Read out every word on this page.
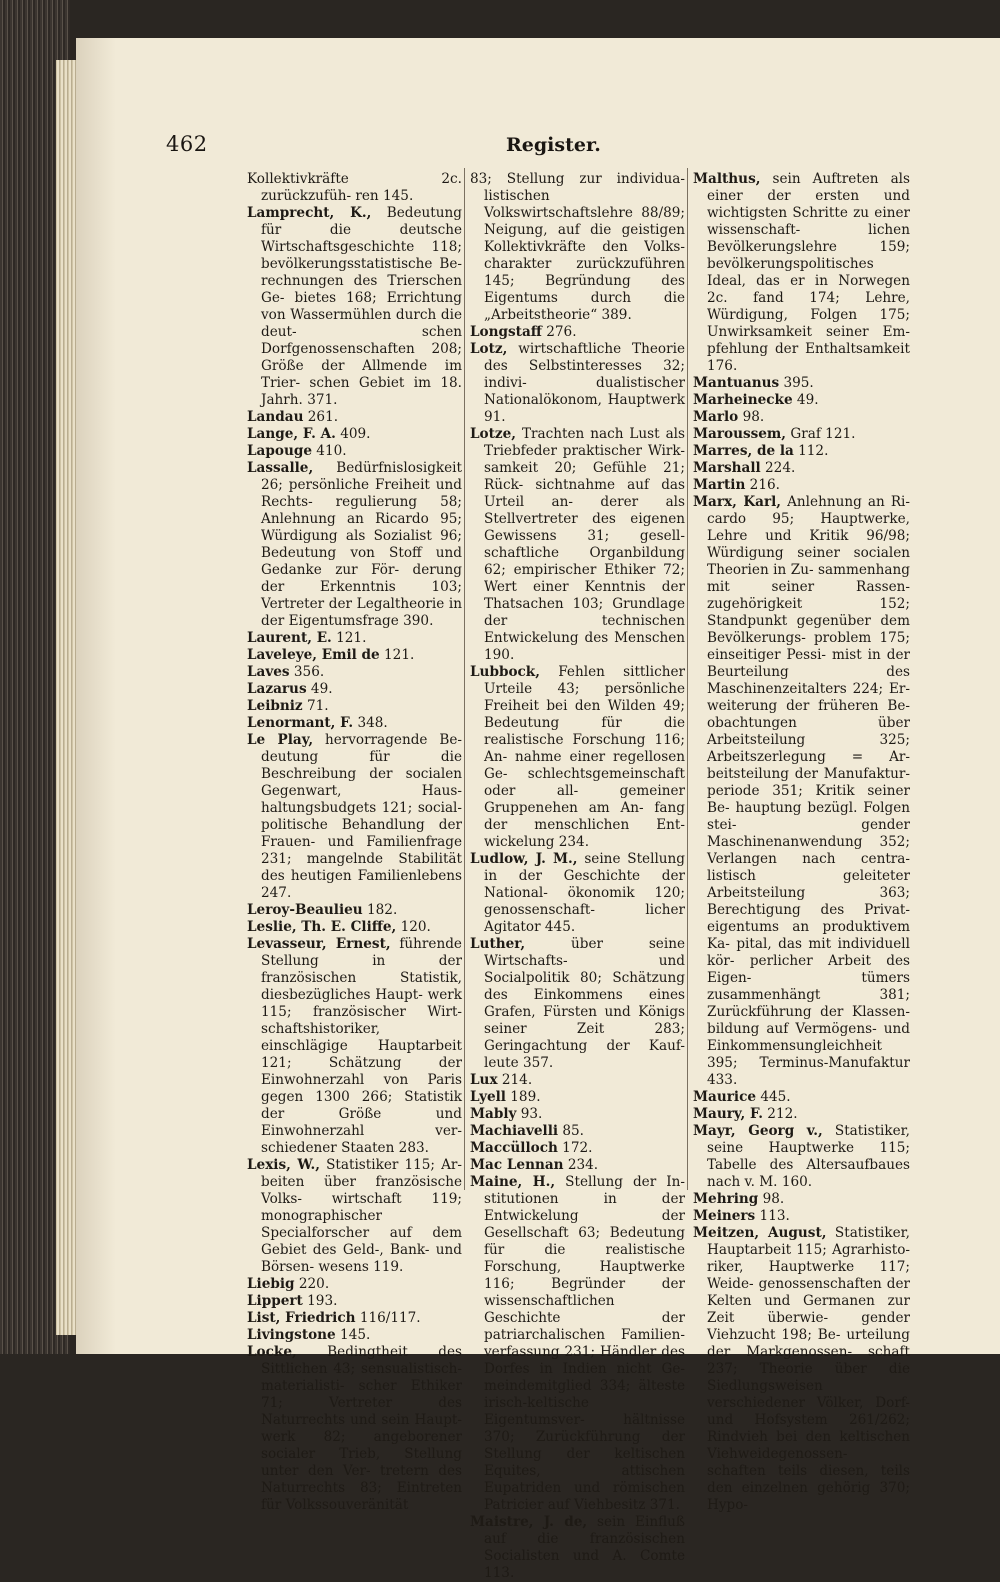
462	Register.

Kollektivkräfte 2c. zurückzufüh- ren 145.

Lamprecht, K., Bedeutung für die deutsche Wirtschaftsgeschichte 118; bevölkerungsstatistische Be- rechnungen des Trierschen Ge- bietes 168; Errichtung von Wassermühlen durch die deut- schen Dorfgenossenschaften 208; Größe der Allmende im Trier- schen Gebiet im 18. Jahrh. 371.

Landau 261.

Lange, F. A. 409.

Lapouge 410.

Lassalle, Bedürfnislosigkeit 26; persönliche Freiheit und Rechts- regulierung 58; Anlehnung an Ricardo 95; Würdigung als Sozialist 96; Bedeutung von Stoff und Gedanke zur För- derung der Erkenntnis 103; Vertreter der Legaltheorie in der Eigentumsfrage 390.

Laurent, E. 121.

Laveleye, Emil de 121.

Laves 356.

Lazarus 49.

Leibniz 71.

Lenormant, F. 348.

Le Play, hervorragende Be- deutung für die Beschreibung der socialen Gegenwart, Haus- haltungsbudgets 121; social- politische Behandlung der Frauen- und Familienfrage 231; mangelnde Stabilität des heutigen Familienlebens 247.

Leroy-Beaulieu 182.

Leslie, Th. E. Cliffe, 120.

Levasseur, Ernest, führende Stellung in der französischen Statistik, diesbezügliches Haupt- werk 115; französischer Wirt- schaftshistoriker, einschlägige Hauptarbeit 121; Schätzung der Einwohnerzahl von Paris gegen 1300 266; Statistik der Größe und Einwohnerzahl ver- schiedener Staaten 283.

Lexis, W., Statistiker 115; Ar- beiten über französische Volks- wirtschaft 119; monographischer Specialforscher auf dem Gebiet des Geld-, Bank- und Börsen- wesens 119.

Liebig 220.

Lippert 193.

List, Friedrich 116/117.

Livingstone 145.

Locke, Bedingtheit des Sittlichen 43; sensualistisch-materialisti- scher Ethiker 71; Vertreter des Naturrechts und sein Haupt- werk 82; angeborener socialer Trieb, Stellung unter den Ver- tretern des Naturrechts 83; Eintreten für Volkssouveränität

83; Stellung zur individua- listischen Volkswirtschaftslehre 88/89; Neigung, auf die geistigen Kollektivkräfte den Volks- charakter zurückzuführen 145; Begründung des Eigentums durch die „Arbeitstheorie“ 389.

Longstaff 276.

Lotz, wirtschaftliche Theorie des Selbstinteresses 32; indivi- dualistischer Nationalökonom, Hauptwerk 91.

Lotze, Trachten nach Lust als Triebfeder praktischer Wirk- samkeit 20; Gefühle 21; Rück- sichtnahme auf das Urteil an- derer als Stellvertreter des eigenen Gewissens 31; gesell- schaftliche Organbildung 62; empirischer Ethiker 72; Wert einer Kenntnis der Thatsachen 103; Grundlage der technischen Entwickelung des Menschen 190.

Lubbock, Fehlen sittlicher Urteile 43; persönliche Freiheit bei den Wilden 49; Bedeutung für die realistische Forschung 116; An- nahme einer regellosen Ge- schlechtsgemeinschaft oder all- gemeiner Gruppenehen am An- fang der menschlichen Ent- wickelung 234.

Ludlow, J. M., seine Stellung in der Geschichte der National- ökonomik 120; genossenschaft- licher Agitator 445.

Luther, über seine Wirtschafts- und Socialpolitik 80; Schätzung des Einkommens eines Grafen, Fürsten und Königs seiner Zeit 283; Geringachtung der Kauf- leute 357.

Lux 214.

Lyell 189.

Mably 93.

Machiavelli 85.

Maccülloch 172.

Mac Lennan 234.

Maine, H., Stellung der In- stitutionen in der Entwickelung der Gesellschaft 63; Bedeutung für die realistische Forschung, Hauptwerke 116; Begründer der wissenschaftlichen Geschichte der patriarchalischen Familien- verfassung 231; Händler des Dorfes in Indien nicht Ge- meindemitglied 334; älteste irisch-keltische Eigentumsver- hältnisse 370; Zurückführung der Stellung der keltischen Equites, attischen Eupatriden und römischen Patricier auf Viehbesitz 371.

Maistre, J. de, sein Einfluß auf die französischen Socialisten und A. Comte 113.

Malthus, sein Auftreten als einer der ersten und wichtigsten Schritte zu einer wissenschaft- lichen Bevölkerungslehre 159; bevölkerungspolitisches Ideal, das er in Norwegen 2c. fand 174; Lehre, Würdigung, Folgen 175; Unwirksamkeit seiner Em- pfehlung der Enthaltsamkeit 176.

Mantuanus 395.

Marheinecke 49.

Marlo 98.

Maroussem, Graf 121.

Marres, de la 112.

Marshall 224.

Martin 216.

Marx, Karl, Anlehnung an Ri- cardo 95; Hauptwerke, Lehre und Kritik 96/98; Würdigung seiner socialen Theorien in Zu- sammenhang mit seiner Rassen- zugehörigkeit 152; Standpunkt gegenüber dem Bevölkerungs- problem 175; einseitiger Pessi- mist in der Beurteilung des Maschinenzeitalters 224; Er- weiterung der früheren Be- obachtungen über Arbeitsteilung 325; Arbeitszerlegung = Ar- beitsteilung der Manufaktur- periode 351; Kritik seiner Be- hauptung bezügl. Folgen stei- gender Maschinenanwendung 352; Verlangen nach centra- listisch geleiteter Arbeitsteilung 363; Berechtigung des Privat- eigentums an produktivem Ka- pital, das mit individuell kör- perlicher Arbeit des Eigen- tümers zusammenhängt 381; Zurückführung der Klassen- bildung auf Vermögens- und Einkommensungleichheit 395; Terminus-Manufaktur 433.

Maurice 445.

Maury, F. 212.

Mayr, Georg v., Statistiker, seine Hauptwerke 115; Tabelle des Altersaufbaues nach v. M. 160.

Mehring 98.

Meiners 113.

Meitzen, August, Statistiker, Hauptarbeit 115; Agrarhisto- riker, Hauptwerke 117; Weide- genossenschaften der Kelten und Germanen zur Zeit überwie- gender Viehzucht 198; Be- urteilung der Markgenossen- schaft 237; Theorie über die Siedlungsweisen verschiedener Völker, Dorf- und Hofsystem 261/262; Rindvieh bei den keltischen Viehweidegenossen- schaften teils diesen, teils den einzelnen gehörig 370; Hypo-
